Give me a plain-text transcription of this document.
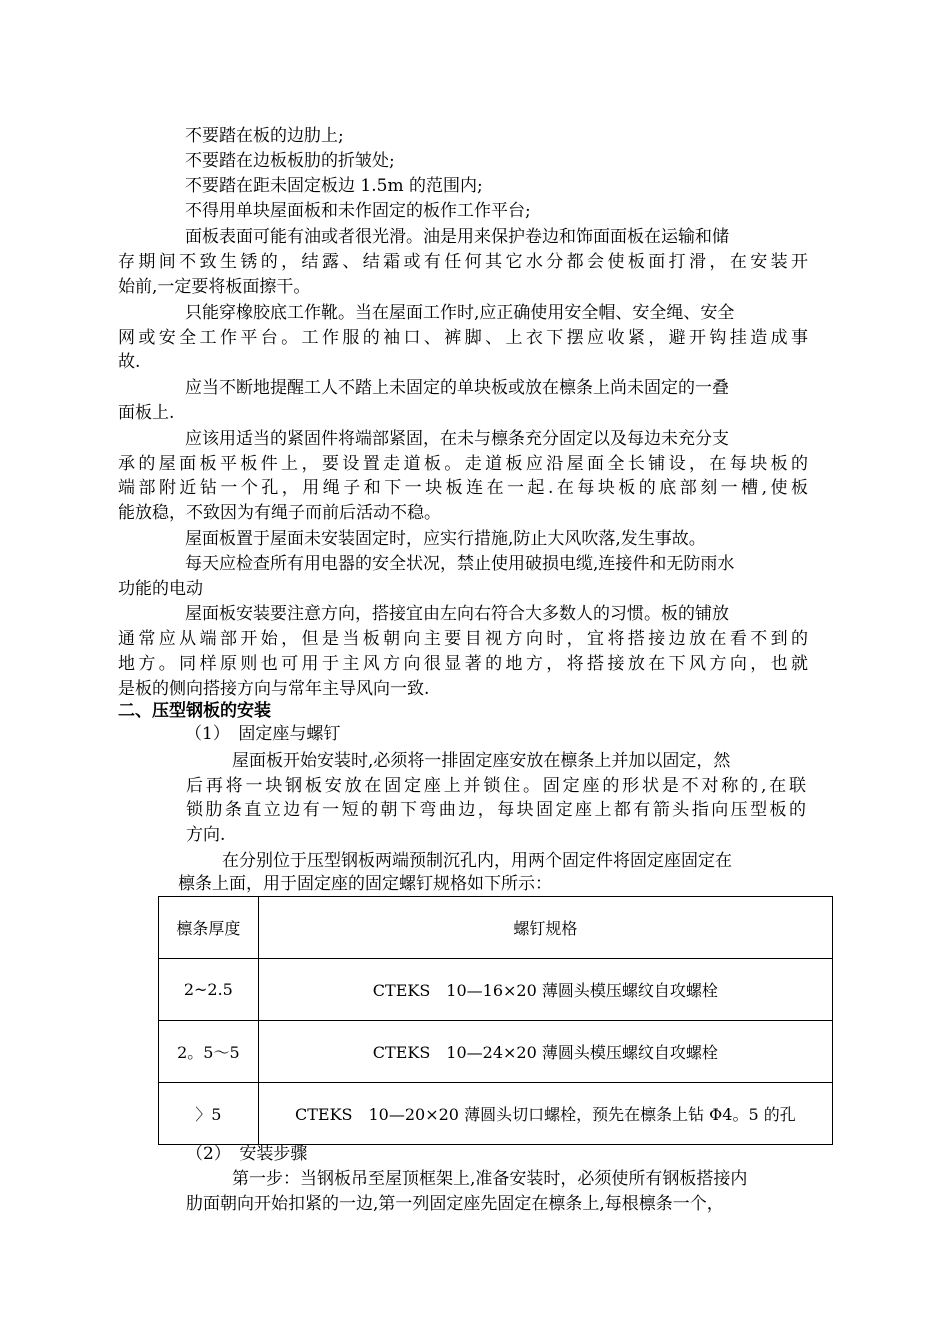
不要踏在板的边肋上;
不要踏在边板板肋的折皱处;
不要踏在距未固定板边 1.5m 的范围内;
不得用单块屋面板和未作固定的板作工作平台;
面板表面可能有油或者很光滑。油是用来保护卷边和饰面面板在运输和储
存期间不致生锈的，结露、结霜或有任何其它水分都会使板面打滑，在安装开
始前,一定要将板面擦干。
只能穿橡胶底工作靴。当在屋面工作时,应正确使用安全帽、安全绳、安全
网或安全工作平台。工作服的袖口、裤脚、上衣下摆应收紧，避开钩挂造成事
故.
应当不断地提醒工人不踏上未固定的单块板或放在檩条上尚未固定的一叠
面板上.
应该用适当的紧固件将端部紧固，在未与檩条充分固定以及每边未充分支
承的屋面板平板件上，要设置走道板。走道板应沿屋面全长铺设，在每块板的
端部附近钻一个孔，用绳子和下一块板连在一起.在每块板的底部刻一槽,使板
能放稳，不致因为有绳子而前后活动不稳。
屋面板置于屋面未安装固定时，应实行措施,防止大风吹落,发生事故。
每天应检查所有用电器的安全状况，禁止使用破损电缆,连接件和无防雨水
功能的电动
屋面板安装要注意方向，搭接宜由左向右符合大多数人的习惯。板的铺放
通常应从端部开始，但是当板朝向主要目视方向时，宜将搭接边放在看不到的
地方。同样原则也可用于主风方向很显著的地方，将搭接放在下风方向，也就
是板的侧向搭接方向与常年主导风向一致.
二、压型钢板的安装
（1）　固定座与螺钉
屋面板开始安装时,必须将一排固定座安放在檩条上并加以固定，然
后再将一块钢板安放在固定座上并锁住。固定座的形状是不对称的,在联
锁肋条直立边有一短的朝下弯曲边，每块固定座上都有箭头指向压型板的
方向.
在分别位于压型钢板两端预制沉孔内，用两个固定件将固定座固定在
檩条上面，用于固定座的固定螺钉规格如下所示：
檩条厚度	螺钉规格
2~2.5	CTEKS　10—16×20 薄圆头模压螺纹自攻螺栓
2。5～5	CTEKS　10—24×20 薄圆头模压螺纹自攻螺栓
〉5	CTEKS　10—20×20 薄圆头切口螺栓，预先在檩条上钻 Φ4。5 的孔
（2）　安装步骤
第一步：当钢板吊至屋顶框架上,准备安装时，必须使所有钢板搭接内
肋面朝向开始扣紧的一边,第一列固定座先固定在檩条上,每根檩条一个，
